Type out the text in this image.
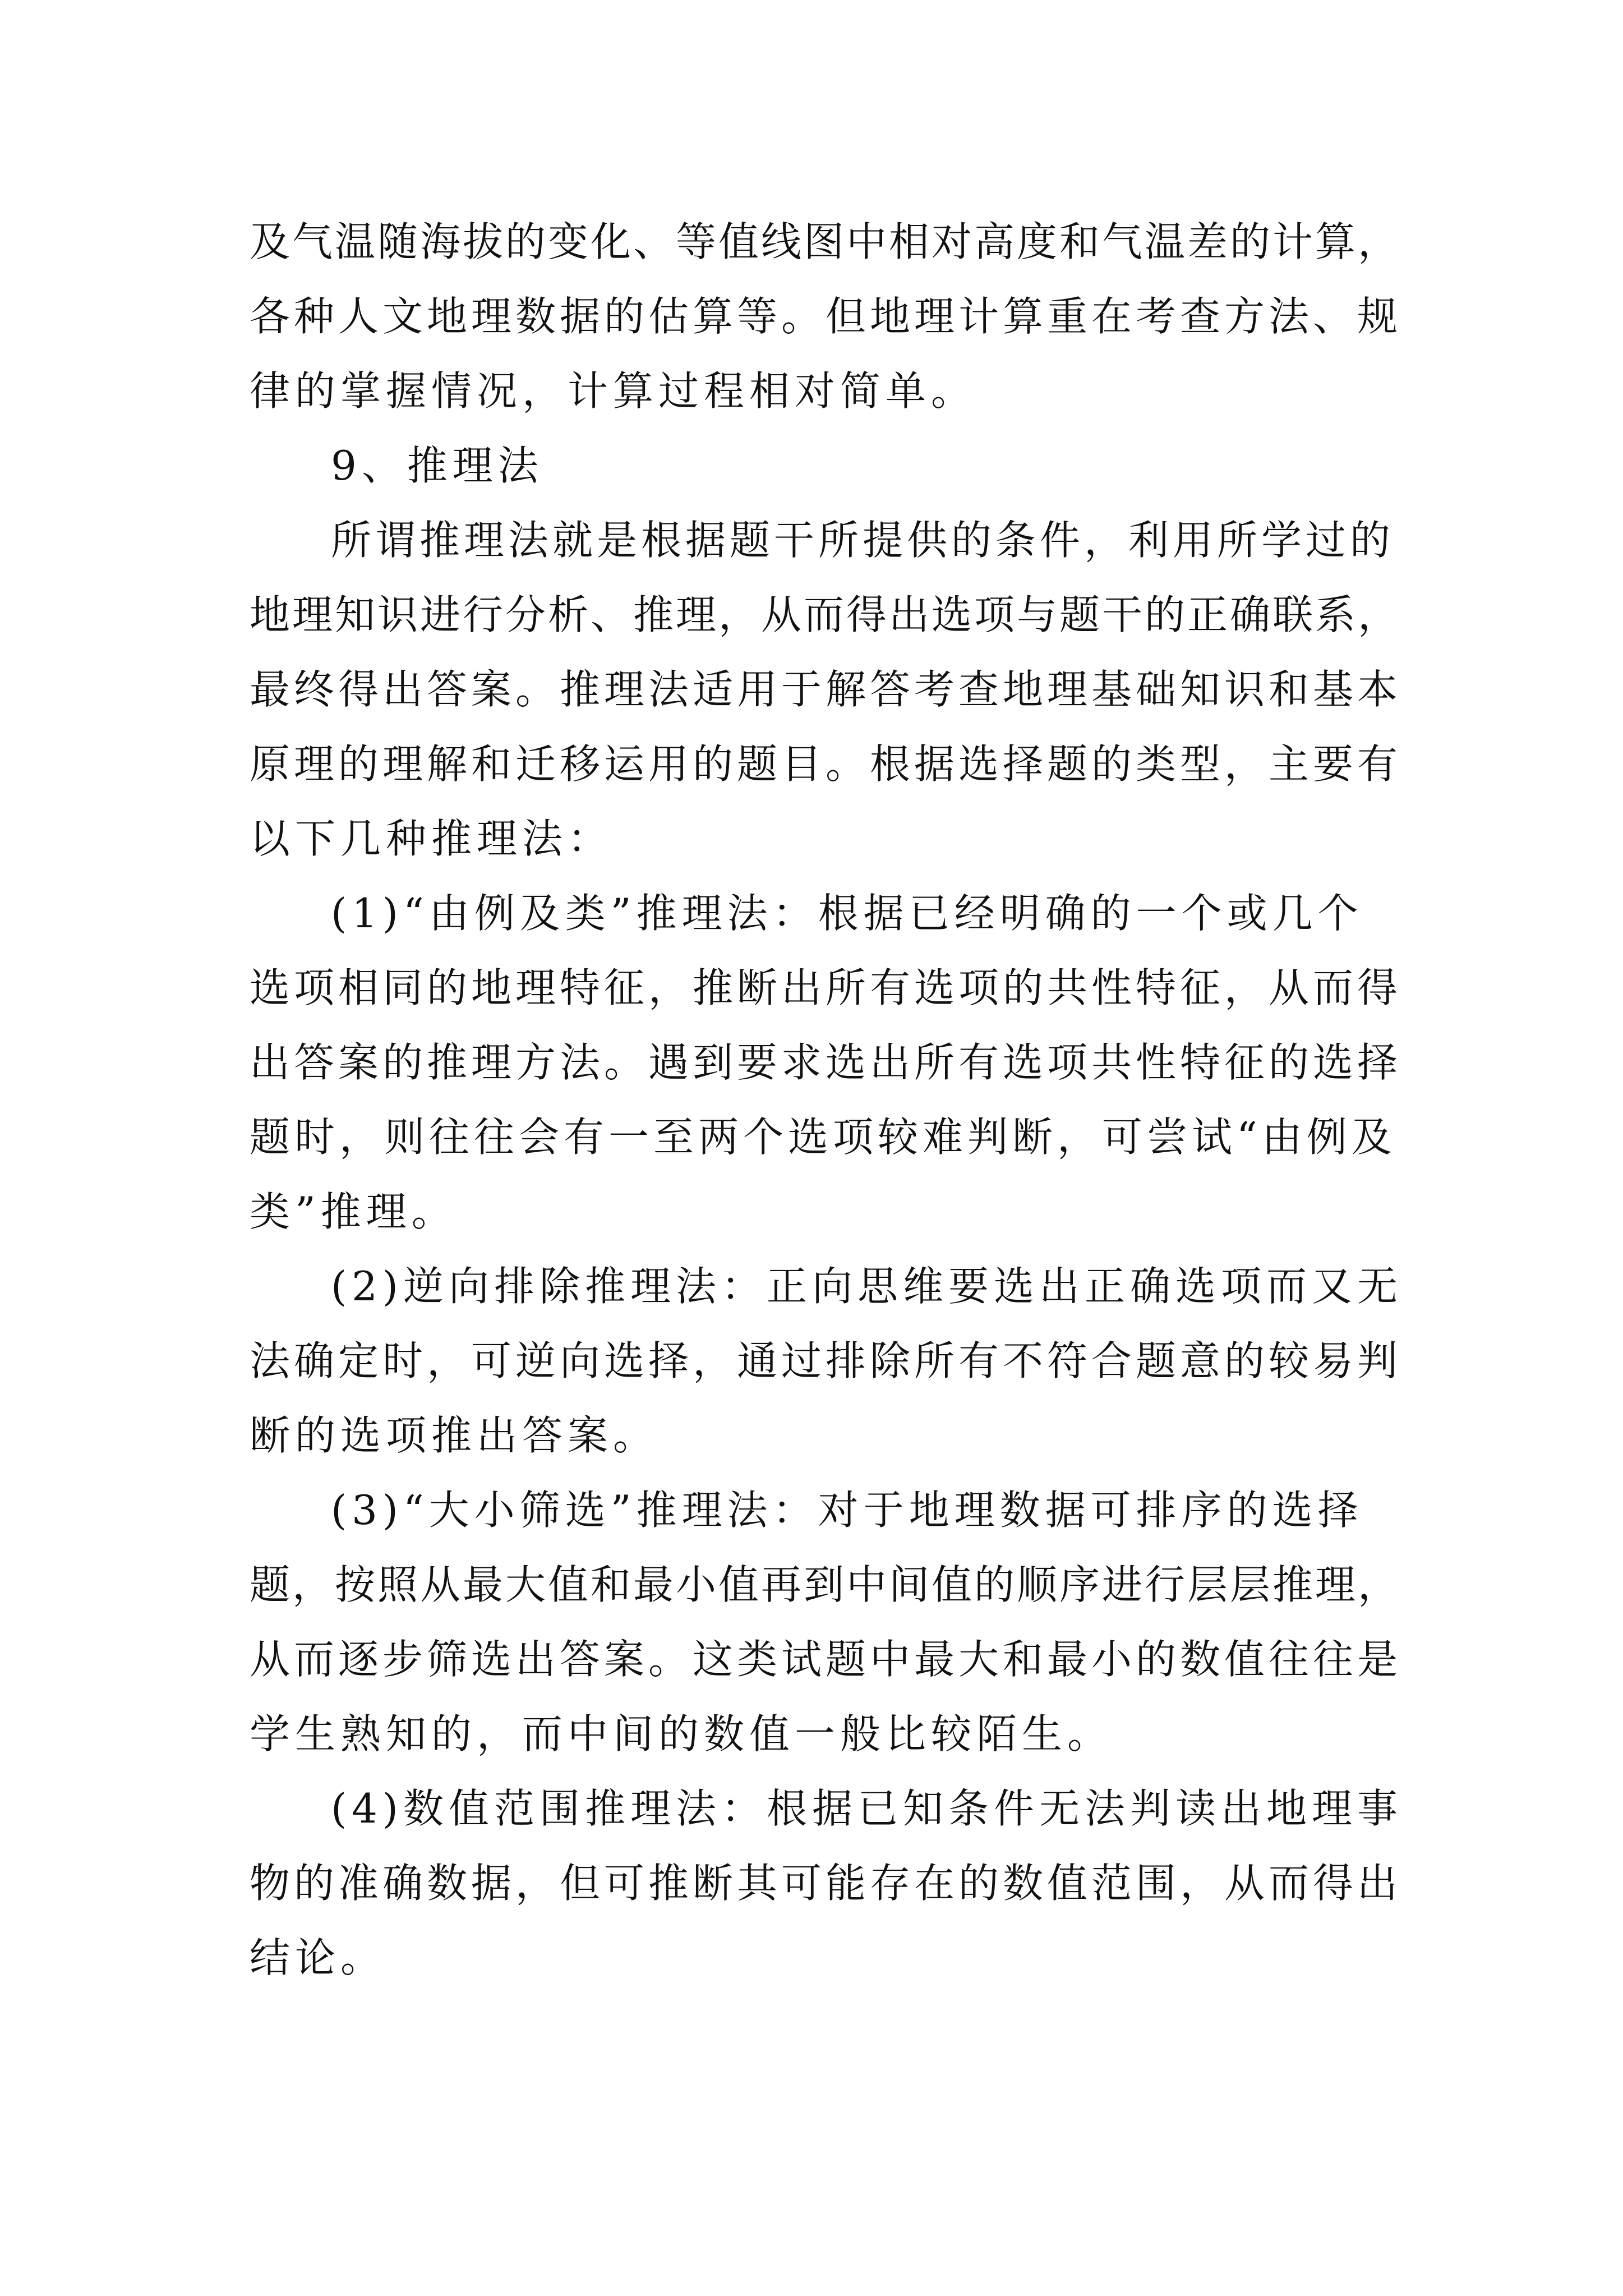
及气温随海拔的变化、等值线图中相对高度和气温差的计算，
各种人文地理数据的估算等。但地理计算重在考查方法、规
律的掌握情况，计算过程相对简单。
9、推理法
所谓推理法就是根据题干所提供的条件，利用所学过的
地理知识进行分析、推理，从而得出选项与题干的正确联系，
最终得出答案。推理法适用于解答考查地理基础知识和基本
原理的理解和迁移运用的题目。根据选择题的类型，主要有
以下几种推理法：
(1)“由例及类”推理法：根据已经明确的一个或几个
选项相同的地理特征，推断出所有选项的共性特征，从而得
出答案的推理方法。遇到要求选出所有选项共性特征的选择
题时，则往往会有一至两个选项较难判断，可尝试“由例及
类”推理。
(2)逆向排除推理法：正向思维要选出正确选项而又无
法确定时，可逆向选择，通过排除所有不符合题意的较易判
断的选项推出答案。
(3)“大小筛选”推理法：对于地理数据可排序的选择
题，按照从最大值和最小值再到中间值的顺序进行层层推理，
从而逐步筛选出答案。这类试题中最大和最小的数值往往是
学生熟知的，而中间的数值一般比较陌生。
(4)数值范围推理法：根据已知条件无法判读出地理事
物的准确数据，但可推断其可能存在的数值范围，从而得出
结论。
